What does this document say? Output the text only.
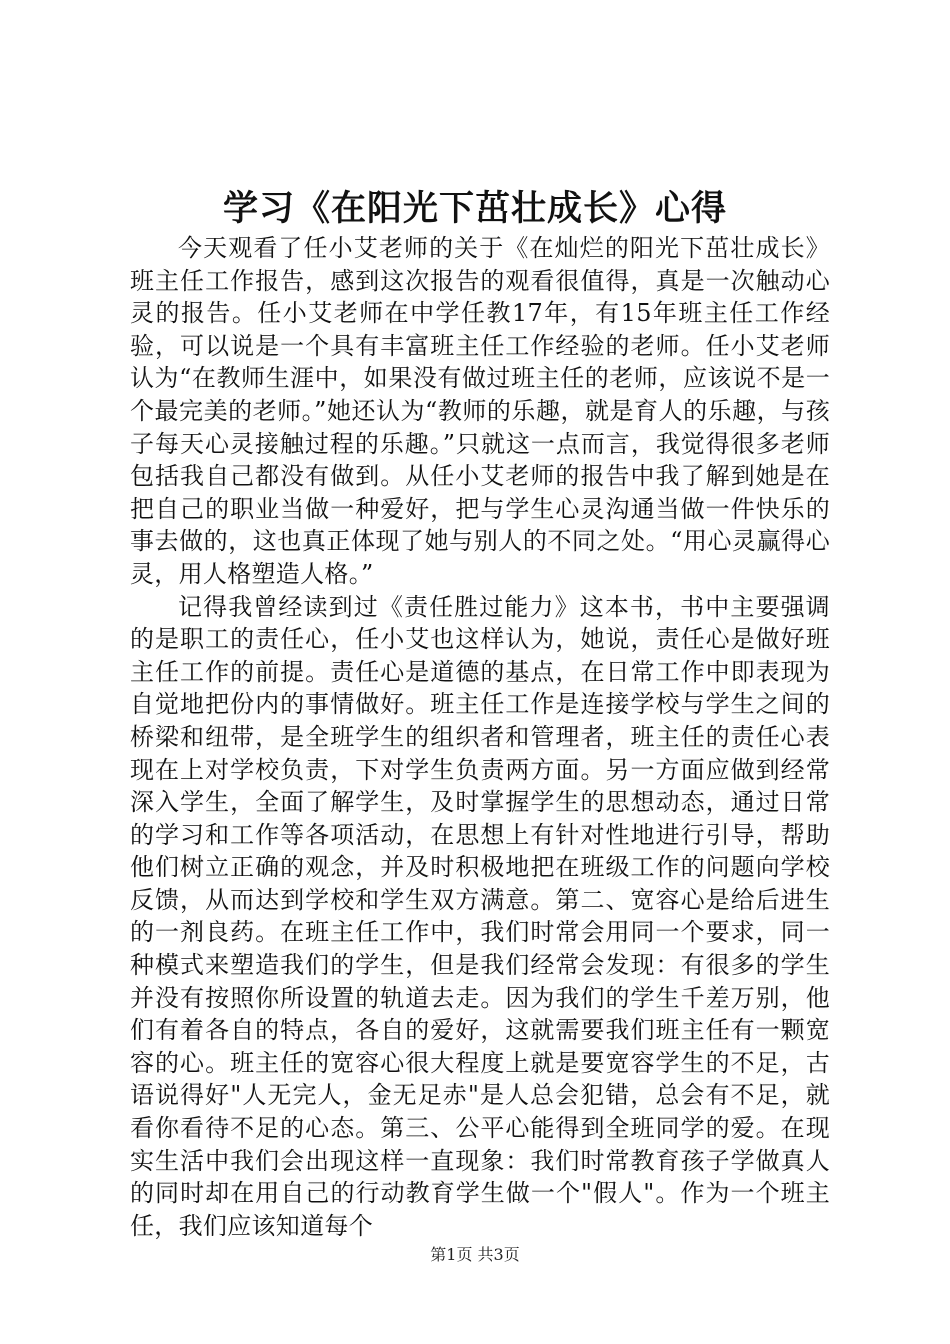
学习《在阳光下茁壮成长》心得

今天观看了任小艾老师的关于《在灿烂的阳光下茁壮成长》班主任工作报告，感到这次报告的观看很值得，真是一次触动心灵的报告。任小艾老师在中学任教17年，有15年班主任工作经验，可以说是一个具有丰富班主任工作经验的老师。任小艾老师认为“在教师生涯中，如果没有做过班主任的老师，应该说不是一个最完美的老师。”她还认为“教师的乐趣，就是育人的乐趣，与孩子每天心灵接触过程的乐趣。”只就这一点而言，我觉得很多老师包括我自己都没有做到。从任小艾老师的报告中我了解到她是在把自己的职业当做一种爱好，把与学生心灵沟通当做一件快乐的事去做的，这也真正体现了她与别人的不同之处。“用心灵赢得心灵，用人格塑造人格。”

记得我曾经读到过《责任胜过能力》这本书，书中主要强调的是职工的责任心，任小艾也这样认为，她说，责任心是做好班主任工作的前提。责任心是道德的基点，在日常工作中即表现为自觉地把份内的事情做好。班主任工作是连接学校与学生之间的桥梁和纽带，是全班学生的组织者和管理者，班主任的责任心表现在上对学校负责，下对学生负责两方面。另一方面应做到经常深入学生，全面了解学生，及时掌握学生的思想动态，通过日常的学习和工作等各项活动，在思想上有针对性地进行引导，帮助他们树立正确的观念，并及时积极地把在班级工作的问题向学校反馈，从而达到学校和学生双方满意。第二、宽容心是给后进生的一剂良药。在班主任工作中，我们时常会用同一个要求，同一种模式来塑造我们的学生，但是我们经常会发现：有很多的学生并没有按照你所设置的轨道去走。因为我们的学生千差万别，他们有着各自的特点，各自的爱好，这就需要我们班主任有一颗宽容的心。班主任的宽容心很大程度上就是要宽容学生的不足，古语说得好"人无完人，金无足赤"是人总会犯错，总会有不足，就看你看待不足的心态。第三、公平心能得到全班同学的爱。在现实生活中我们会出现这样一直现象：我们时常教育孩子学做真人的同时却在用自己的行动教育学生做一个"假人"。作为一个班主任，我们应该知道每个

第1页 共3页
